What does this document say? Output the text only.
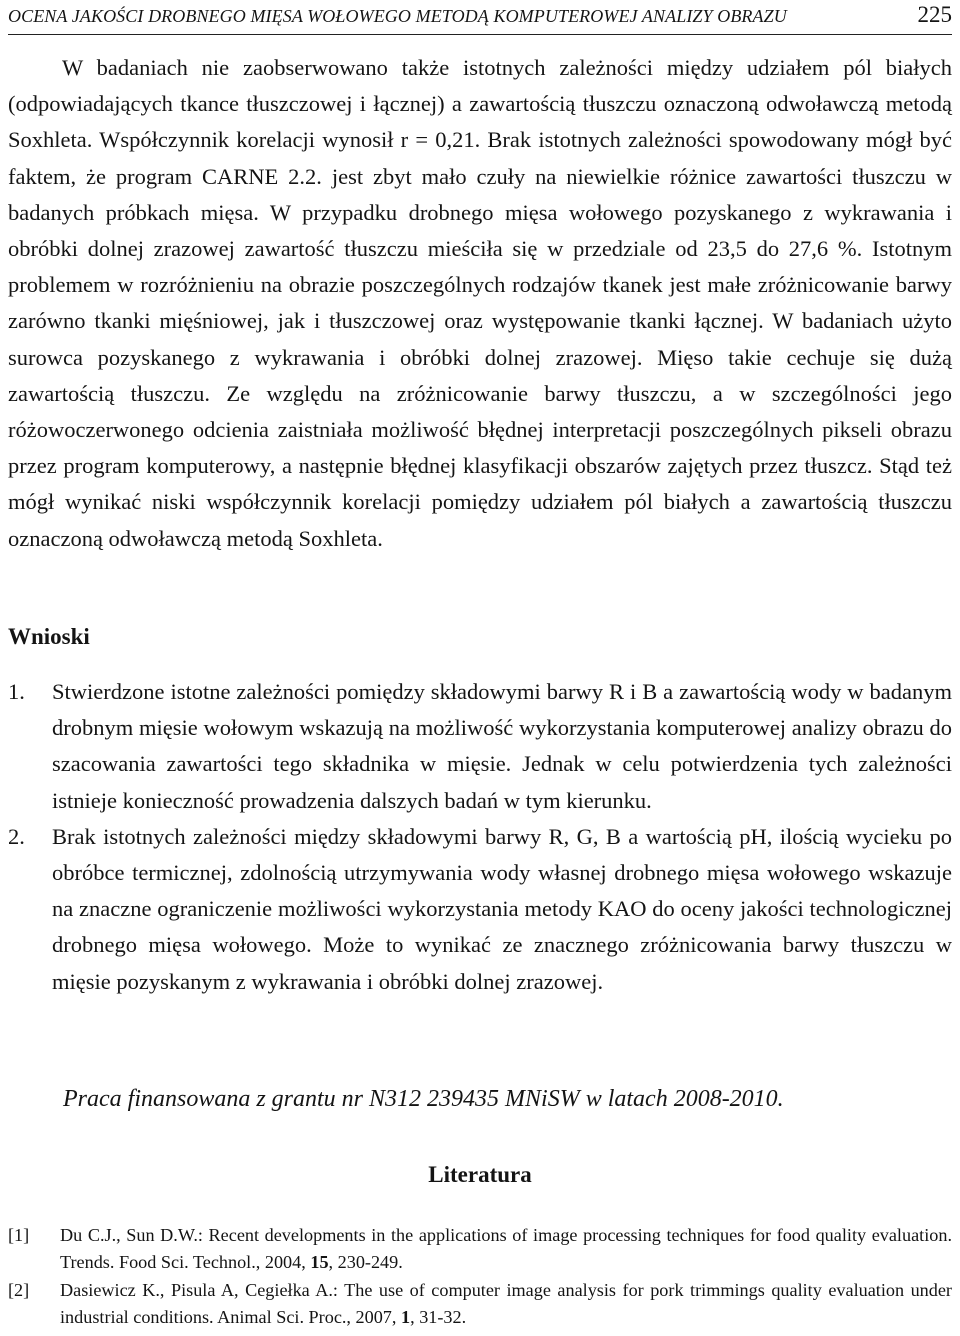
OCENA JAKOŚCI DROBNEGO MIĘSA WOŁOWEGO METODĄ KOMPUTEROWEJ ANALIZY OBRAZU	225

W badaniach nie zaobserwowano także istotnych zależności między udziałem pól białych (odpowiadających tkance tłuszczowej i łącznej) a zawartością tłuszczu oznaczoną odwoławczą metodą Soxhleta. Współczynnik korelacji wynosił r = 0,21. Brak istotnych zależności spowodowany mógł być faktem, że program CARNE 2.2. jest zbyt mało czuły na niewielkie różnice zawartości tłuszczu w badanych próbkach mięsa. W przypadku drobnego mięsa wołowego pozyskanego z wykrawania i obróbki dolnej zrazowej zawartość tłuszczu mieściła się w przedziale od 23,5 do 27,6 %. Istotnym problemem w rozróżnieniu na obrazie poszczególnych rodzajów tkanek jest małe zróżnicowanie barwy zarówno tkanki mięśniowej, jak i tłuszczowej oraz występowanie tkanki łącznej. W badaniach użyto surowca pozyskanego z wykrawania i obróbki dolnej zrazowej. Mięso takie cechuje się dużą zawartością tłuszczu. Ze względu na zróżnicowanie barwy tłuszczu, a w szczególności jego różowoczerwonego odcienia zaistniała możliwość błędnej interpretacji poszczególnych pikseli obrazu przez program komputerowy, a następnie błędnej klasyfikacji obszarów zajętych przez tłuszcz. Stąd też mógł wynikać niski współczynnik korelacji pomiędzy udziałem pól białych a zawartością tłuszczu oznaczoną odwoławczą metodą Soxhleta.

Wnioski
1. Stwierdzone istotne zależności pomiędzy składowymi barwy R i B a zawartością wody w badanym drobnym mięsie wołowym wskazują na możliwość wykorzystania komputerowej analizy obrazu do szacowania zawartości tego składnika w mięsie. Jednak w celu potwierdzenia tych zależności istnieje konieczność prowadzenia dalszych badań w tym kierunku.
2. Brak istotnych zależności między składowymi barwy R, G, B a wartością pH, ilością wycieku po obróbce termicznej, zdolnością utrzymywania wody własnej drobnego mięsa wołowego wskazuje na znaczne ograniczenie możliwości wykorzystania metody KAO do oceny jakości technologicznej drobnego mięsa wołowego. Może to wynikać ze znacznego zróżnicowania barwy tłuszczu w mięsie pozyskanym z wykrawania i obróbki dolnej zrazowej.
Praca finansowana z grantu nr N312 239435 MNiSW w latach 2008-2010.
Literatura
[1] Du C.J., Sun D.W.: Recent developments in the applications of image processing techniques for food quality evaluation. Trends. Food Sci. Technol., 2004, 15, 230-249.
[2] Dasiewicz K., Pisula A, Cegiełka A.: The use of computer image analysis for pork trimmings quality evaluation under industrial conditions. Animal Sci. Proc., 2007, 1, 31-32.
